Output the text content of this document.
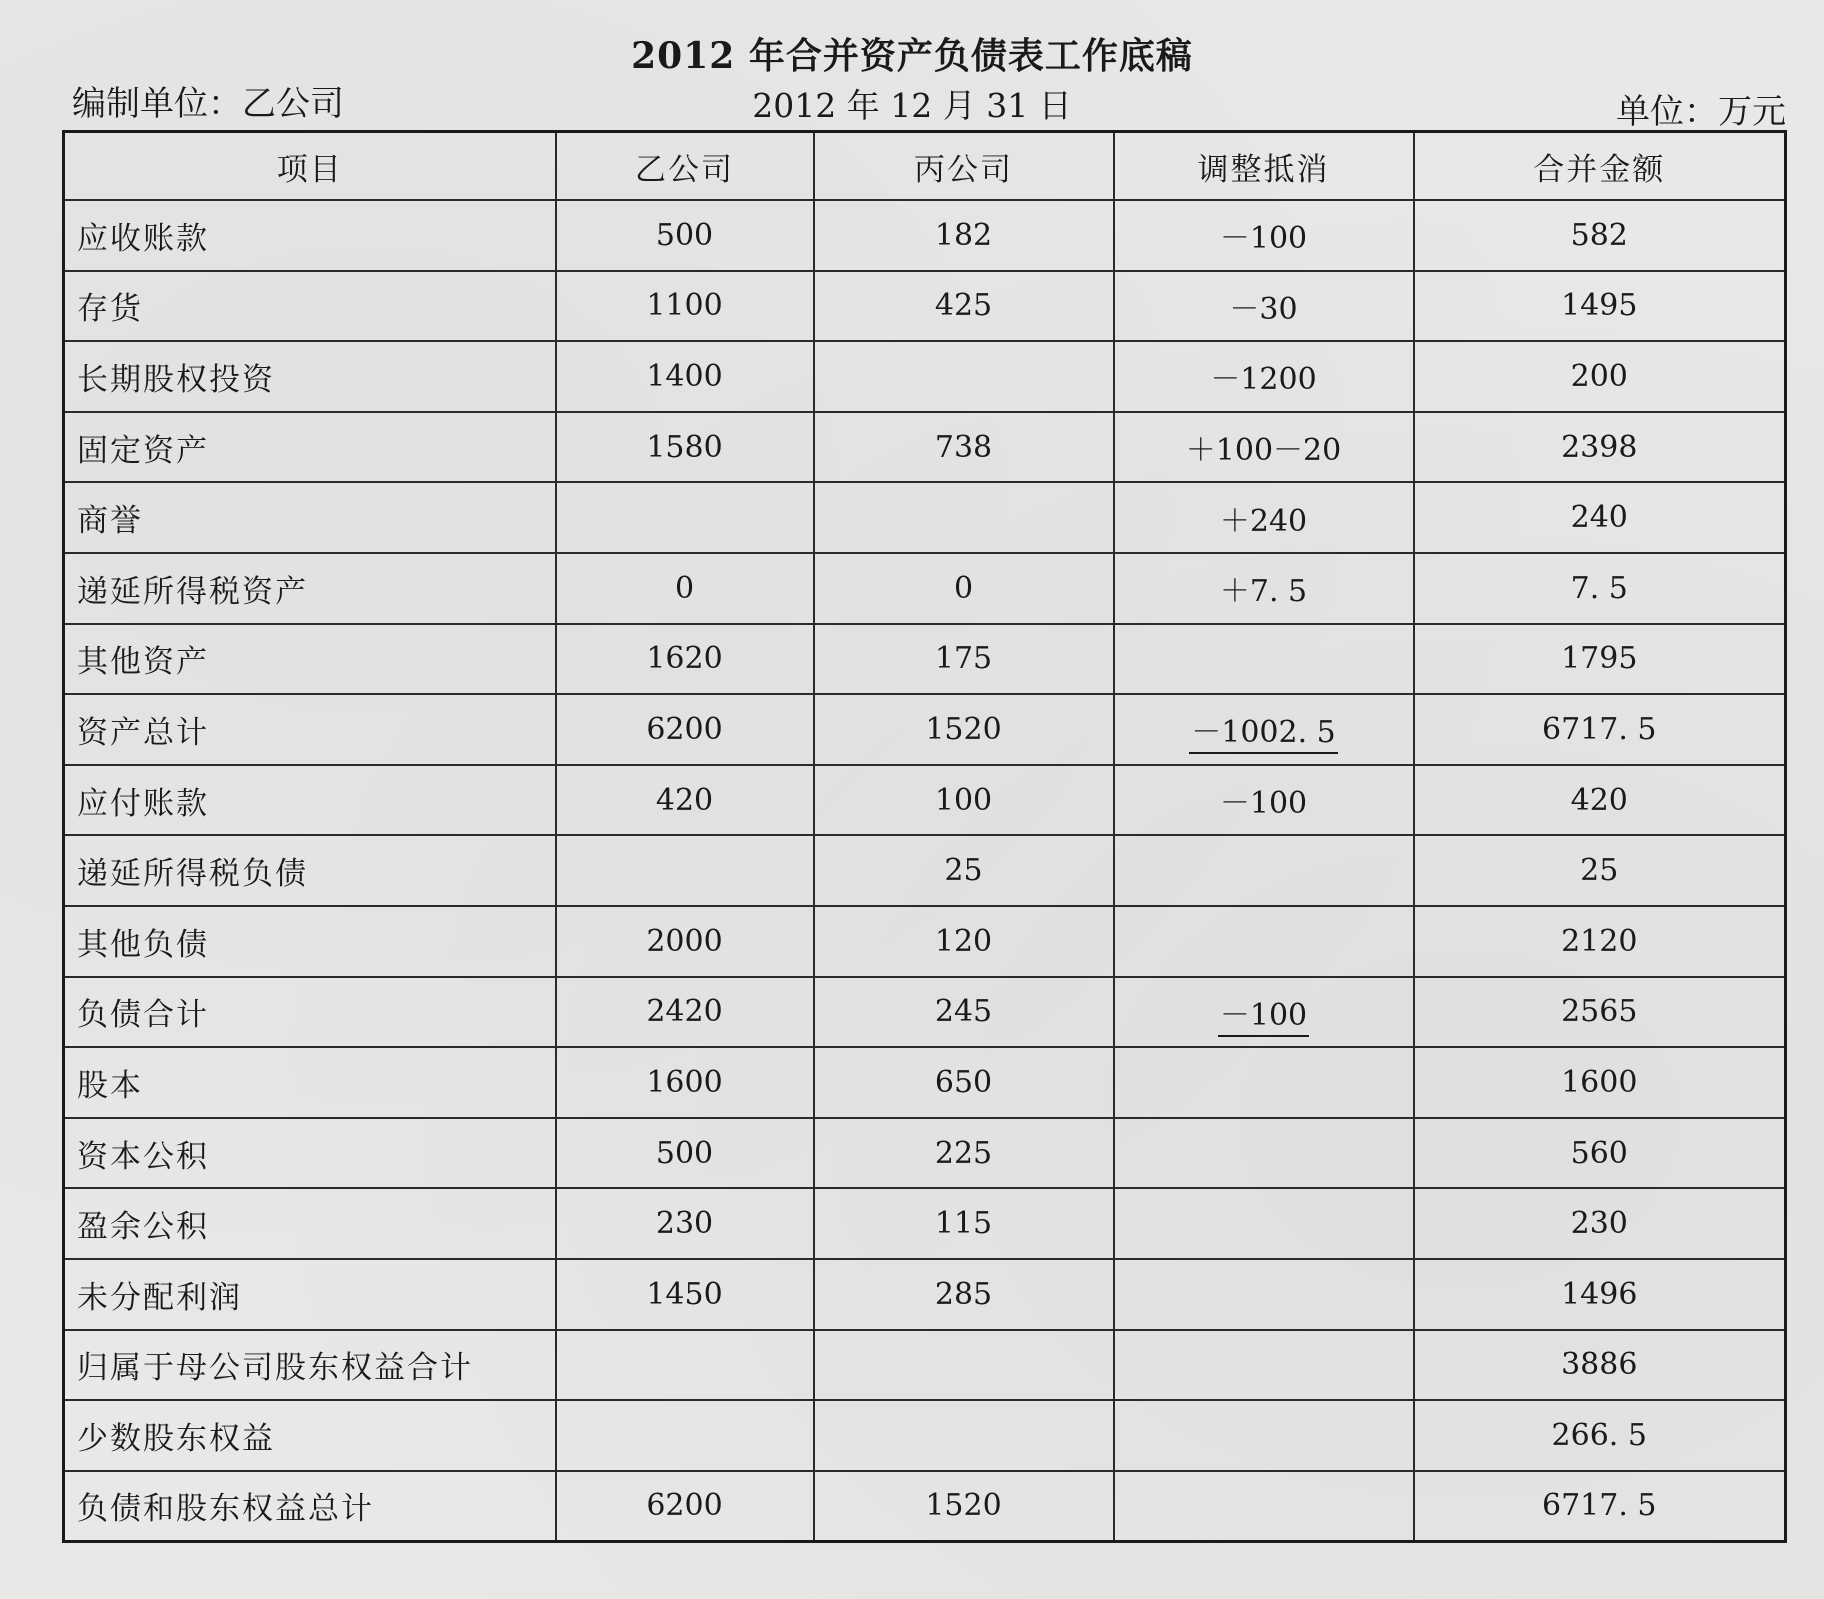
2012 年合并资产负债表工作底稿
编制单位：乙公司	2012 年 12 月 31 日	单位：万元
项目	乙公司	丙公司	调整抵消	合并金额
应收账款	500	182	－100	582
存货	1100	425	－30	1495
长期股权投资	1400		－1200	200
固定资产	1580	738	＋100－20	2398
商誉			＋240	240
递延所得税资产	0	0	＋7. 5	7. 5
其他资产	1620	175		1795
资产总计	6200	1520	－1002. 5	6717. 5
应付账款	420	100	－100	420
递延所得税负债		25		25
其他负债	2000	120		2120
负债合计	2420	245	－100	2565
股本	1600	650		1600
资本公积	500	225		560
盈余公积	230	115		230
未分配利润	1450	285		1496
归属于母公司股东权益合计				3886
少数股东权益				266. 5
负债和股东权益总计	6200	1520		6717. 5
